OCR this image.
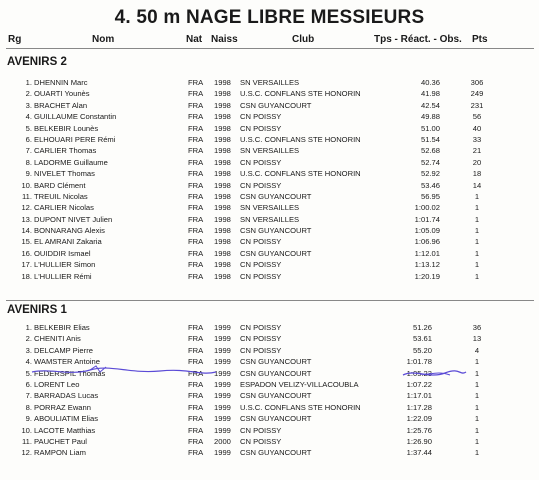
4. 50 m NAGE LIBRE MESSIEURS
Rg	Nom	Nat Naiss	Club	Tps - Réact. - Obs. Pts
AVENIRS 2
1. DHENNIN Marc	FRA 1998 SN VERSAILLES	40.36	306
2. OUARTI Younès	FRA 1998 U.S.C. CONFLANS STE HONORIN	41.98	249
3. BRACHET Alan	FRA 1998 CSN GUYANCOURT	42.54	231
4. GUILLAUME Constantin	FRA 1998 CN POISSY	49.88	56
5. BELKEBIR Lounès	FRA 1998 CN POISSY	51.00	40
6. ELHOUARI PERE Rémi	FRA 1998 U.S.C. CONFLANS STE HONORIN	51.54	33
7. CARLIER Thomas	FRA 1998 SN VERSAILLES	52.68	21
8. LADORME Guillaume	FRA 1998 CN POISSY	52.74	20
9. NIVELET Thomas	FRA 1998 U.S.C. CONFLANS STE HONORIN	52.92	18
10. BARD Clément	FRA 1998 CN POISSY	53.46	14
11. TREUIL Nicolas	FRA 1998 CSN GUYANCOURT	56.95	1
12. CARLIER Nicolas	FRA 1998 SN VERSAILLES	1:00.02	1
13. DUPONT NIVET Julien	FRA 1998 SN VERSAILLES	1:01.74	1
14. BONNARANG Alexis	FRA 1998 CSN GUYANCOURT	1:05.09	1
15. EL AMRANI Zakaria	FRA 1998 CN POISSY	1:06.96	1
16. OUIDDIR Ismael	FRA 1998 CSN GUYANCOURT	1:12.01	1
17. L'HULLIER Simon	FRA 1998 CN POISSY	1:13.12	1
18. L'HULLIER Rémi	FRA 1998 CN POISSY	1:20.19	1
AVENIRS 1
1. BELKEBIR Elias	FRA 1999 CN POISSY	51.26	36
2. CHENITI Anis	FRA 1999 CN POISSY	53.61	13
3. DELCAMP Pierre	FRA 1999 CN POISSY	55.20	4
4. WAMSTER Antoine	FRA 1999 CSN GUYANCOURT	1:01.78	1
5. FEDERSPIL Thomas	FRA 1999 CSN GUYANCOURT	1:05.23	1
6. LORENT Leo	FRA 1999 ESPADON VELIZY-VILLACOUBLA	1:07.22	1
7. BARRADAS Lucas	FRA 1999 CSN GUYANCOURT	1:17.01	1
8. PORRAZ Ewann	FRA 1999 U.S.C. CONFLANS STE HONORIN	1:17.28	1
9. ABOULIATIM Elias	FRA 1999 CSN GUYANCOURT	1:22.09	1
10. LACOTE Matthias	FRA 1999 CN POISSY	1:25.76	1
11. PAUCHET Paul	FRA 2000 CN POISSY	1:26.90	1
12. RAMPON Liam	FRA 1999 CSN GUYANCOURT	1:37.44	1
